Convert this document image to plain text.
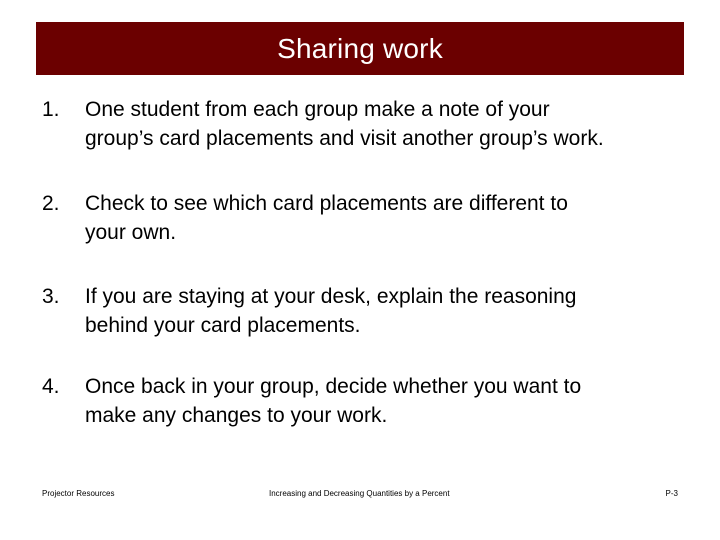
Sharing work
1.	One student from each group make a note of your
group’s card placements and visit another group’s work.
2.	Check to see which card placements are different to
your own.
3.	If you are staying at your desk, explain the reasoning
behind your card placements.
4.	Once back in your group, decide whether you want to
make any changes to your work.
Projector Resources	Increasing and Decreasing Quantities by a Percent	P-3
